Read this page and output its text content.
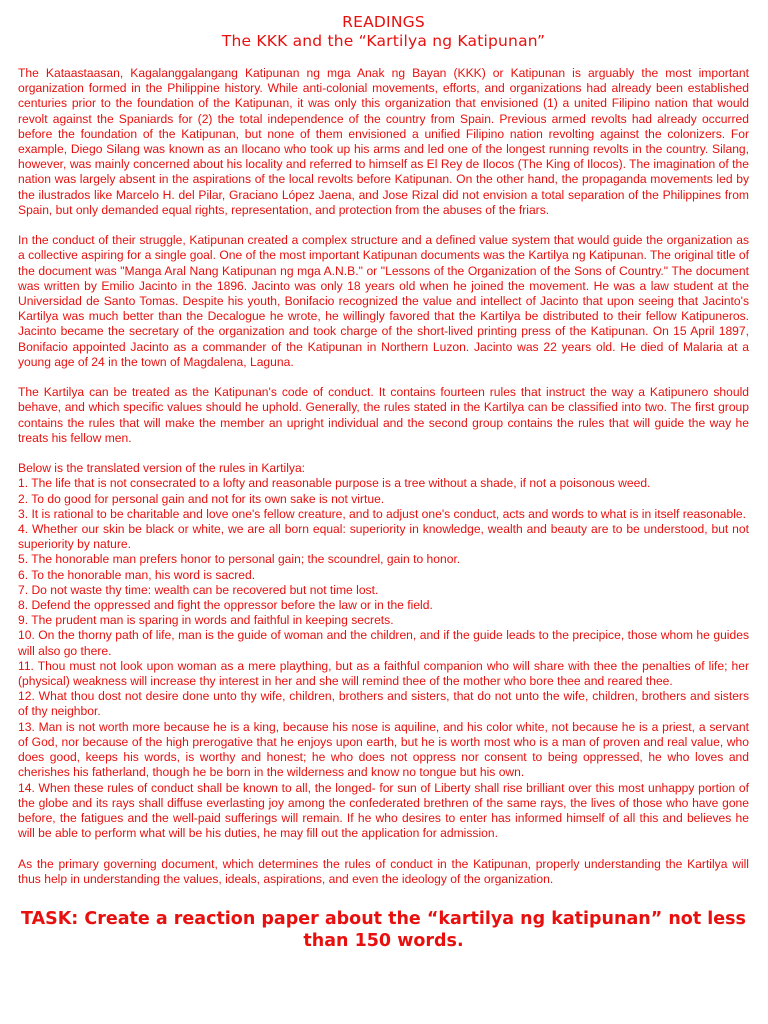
READINGS
The KKK and the “Kartilya ng Katipunan”

The Kataastaasan, Kagalanggalangang Katipunan ng mga Anak ng Bayan (KKK) or Katipunan is arguably the most important organization formed in the Philippine history. While anti-colonial movements, efforts, and organizations had already been established centuries prior to the foundation of the Katipunan, it was only this organization that envisioned (1) a united Filipino nation that would revolt against the Spaniards for (2) the total independence of the country from Spain. Previous armed revolts had already occurred before the foundation of the Katipunan, but none of them envisioned a unified Filipino nation revolting against the colonizers. For example, Diego Silang was known as an Ilocano who took up his arms and led one of the longest running revolts in the country. Silang, however, was mainly concerned about his locality and referred to himself as El Rey de Ilocos (The King of Ilocos). The imagination of the nation was largely absent in the aspirations of the local revolts before Katipunan. On the other hand, the propaganda movements led by the ilustrados like Marcelo H. del Pilar, Graciano López Jaena, and Jose Rizal did not envision a total separation of the Philippines from Spain, but only demanded equal rights, representation, and protection from the abuses of the friars.

In the conduct of their struggle, Katipunan created a complex structure and a defined value system that would guide the organization as a collective aspiring for a single goal. One of the most important Katipunan documents was the Kartilya ng Katipunan. The original title of the document was "Manga Aral Nang Katipunan ng mga A.N.B." or "Lessons of the Organization of the Sons of Country." The document was written by Emilio Jacinto in the 1896. Jacinto was only 18 years old when he joined the movement. He was a law student at the Universidad de Santo Tomas. Despite his youth, Bonifacio recognized the value and intellect of Jacinto that upon seeing that Jacinto's Kartilya was much better than the Decalogue he wrote, he willingly favored that the Kartilya be distributed to their fellow Katipuneros. Jacinto became the secretary of the organization and took charge of the short-lived printing press of the Katipunan. On 15 April 1897, Bonifacio appointed Jacinto as a commander of the Katipunan in Northern Luzon. Jacinto was 22 years old. He died of Malaria at a young age of 24 in the town of Magdalena, Laguna.

The Kartilya can be treated as the Katipunan's code of conduct. It contains fourteen rules that instruct the way a Katipunero should behave, and which specific values should he uphold. Generally, the rules stated in the Kartilya can be classified into two. The first group contains the rules that will make the member an upright individual and the second group contains the rules that will guide the way he treats his fellow men.

Below is the translated version of the rules in Kartilya:
1. The life that is not consecrated to a lofty and reasonable purpose is a tree without a shade, if not a poisonous weed.
2. To do good for personal gain and not for its own sake is not virtue.
3. It is rational to be charitable and love one's fellow creature, and to adjust one's conduct, acts and words to what is in itself reasonable.
4. Whether our skin be black or white, we are all born equal: superiority in knowledge, wealth and beauty are to be understood, but not superiority by nature.
5. The honorable man prefers honor to personal gain; the scoundrel, gain to honor.
6. To the honorable man, his word is sacred.
7. Do not waste thy time: wealth can be recovered but not time lost.
8. Defend the oppressed and fight the oppressor before the law or in the field.
9. The prudent man is sparing in words and faithful in keeping secrets.
10. On the thorny path of life, man is the guide of woman and the children, and if the guide leads to the precipice, those whom he guides will also go there.
11. Thou must not look upon woman as a mere plaything, but as a faithful companion who will share with thee the penalties of life; her (physical) weakness will increase thy interest in her and she will remind thee of the mother who bore thee and reared thee.
12. What thou dost not desire done unto thy wife, children, brothers and sisters, that do not unto the wife, children, brothers and sisters of thy neighbor.
13. Man is not worth more because he is a king, because his nose is aquiline, and his color white, not because he is a priest, a servant of God, nor because of the high prerogative that he enjoys upon earth, but he is worth most who is a man of proven and real value, who does good, keeps his words, is worthy and honest; he who does not oppress nor consent to being oppressed, he who loves and cherishes his fatherland, though he be born in the wilderness and know no tongue but his own.
14. When these rules of conduct shall be known to all, the longed- for sun of Liberty shall rise brilliant over this most unhappy portion of the globe and its rays shall diffuse everlasting joy among the confederated brethren of the same rays, the lives of those who have gone before, the fatigues and the well-paid sufferings will remain. If he who desires to enter has informed himself of all this and believes he will be able to perform what will be his duties, he may fill out the application for admission.

As the primary governing document, which determines the rules of conduct in the Katipunan, properly understanding the Kartilya will thus help in understanding the values, ideals, aspirations, and even the ideology of the organization.

TASK: Create a reaction paper about the “kartilya ng katipunan” not less than 150 words.
